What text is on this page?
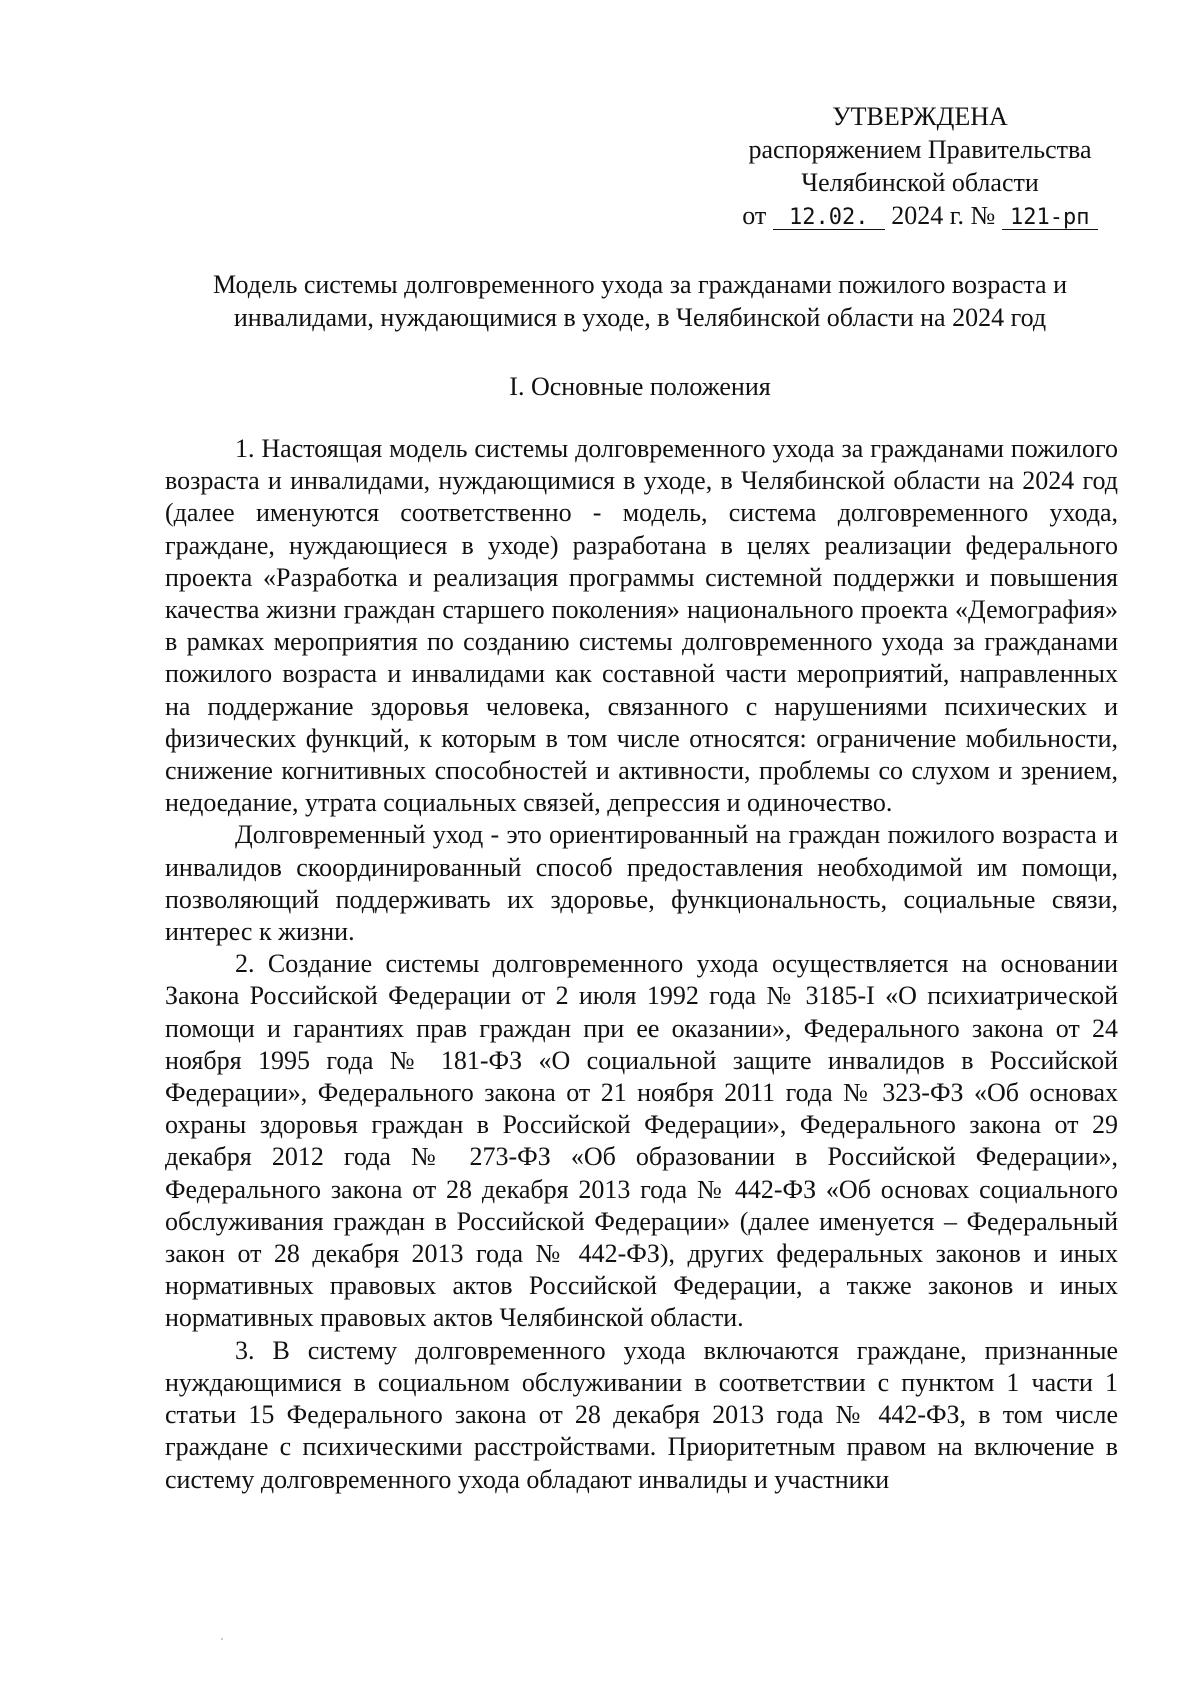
УТВЕРЖДЕНА
распоряжением Правительства
Челябинской области
от 12.02. 2024 г. № 121-рп
Модель системы долговременного ухода за гражданами пожилого возраста и
инвалидами, нуждающимися в уходе, в Челябинской области на 2024 год
I. Основные положения

1. Настоящая модель системы долговременного ухода за гражданами пожилого возраста и инвалидами, нуждающимися в уходе, в Челябинской области на 2024 год (далее именуются соответственно - модель, система долговременного ухода, граждане, нуждающиеся в уходе) разработана в целях реализации федерального проекта «Разработка и реализация программы системной поддержки и повышения качества жизни граждан старшего поколения» национального проекта «Демография» в рамках мероприятия по созданию системы долговременного ухода за гражданами пожилого возраста и инвалидами как составной части мероприятий, направленных на поддержание здоровья человека, связанного с нарушениями психических и физических функций, к которым в том числе относятся: ограничение мобильности, снижение когнитивных способностей и активности, проблемы со слухом и зрением, недоедание, утрата социальных связей, депрессия и одиночество.

Долговременный уход - это ориентированный на граждан пожилого возраста и инвалидов скоординированный способ предоставления необходимой им помощи, позволяющий поддерживать их здоровье, функциональность, социальные связи, интерес к жизни.

2. Создание системы долговременного ухода осуществляется на основании Закона Российской Федерации от 2 июля 1992 года № 3185-I «О психиатрической помощи и гарантиях прав граждан при ее оказании», Федерального закона от 24 ноября 1995 года № 181-ФЗ «О социальной защите инвалидов в Российской Федерации», Федерального закона от 21 ноября 2011 года № 323-ФЗ «Об основах охраны здоровья граждан в Российской Федерации», Федерального закона от 29 декабря 2012 года № 273-ФЗ «Об образовании в Российской Федерации», Федерального закона от 28 декабря 2013 года № 442-ФЗ «Об основах социального обслуживания граждан в Российской Федерации» (далее именуется – Федеральный закон от 28 декабря 2013 года № 442-ФЗ), других федеральных законов и иных нормативных правовых актов Российской Федерации, а также законов и иных нормативных правовых актов Челябинской области.

3. В систему долговременного ухода включаются граждане, признанные нуждающимися в социальном обслуживании в соответствии с пунктом 1 части 1 статьи 15 Федерального закона от 28 декабря 2013 года № 442-ФЗ, в том числе граждане с психическими расстройствами. Приоритетным правом на включение в систему долговременного ухода обладают инвалиды и участники
